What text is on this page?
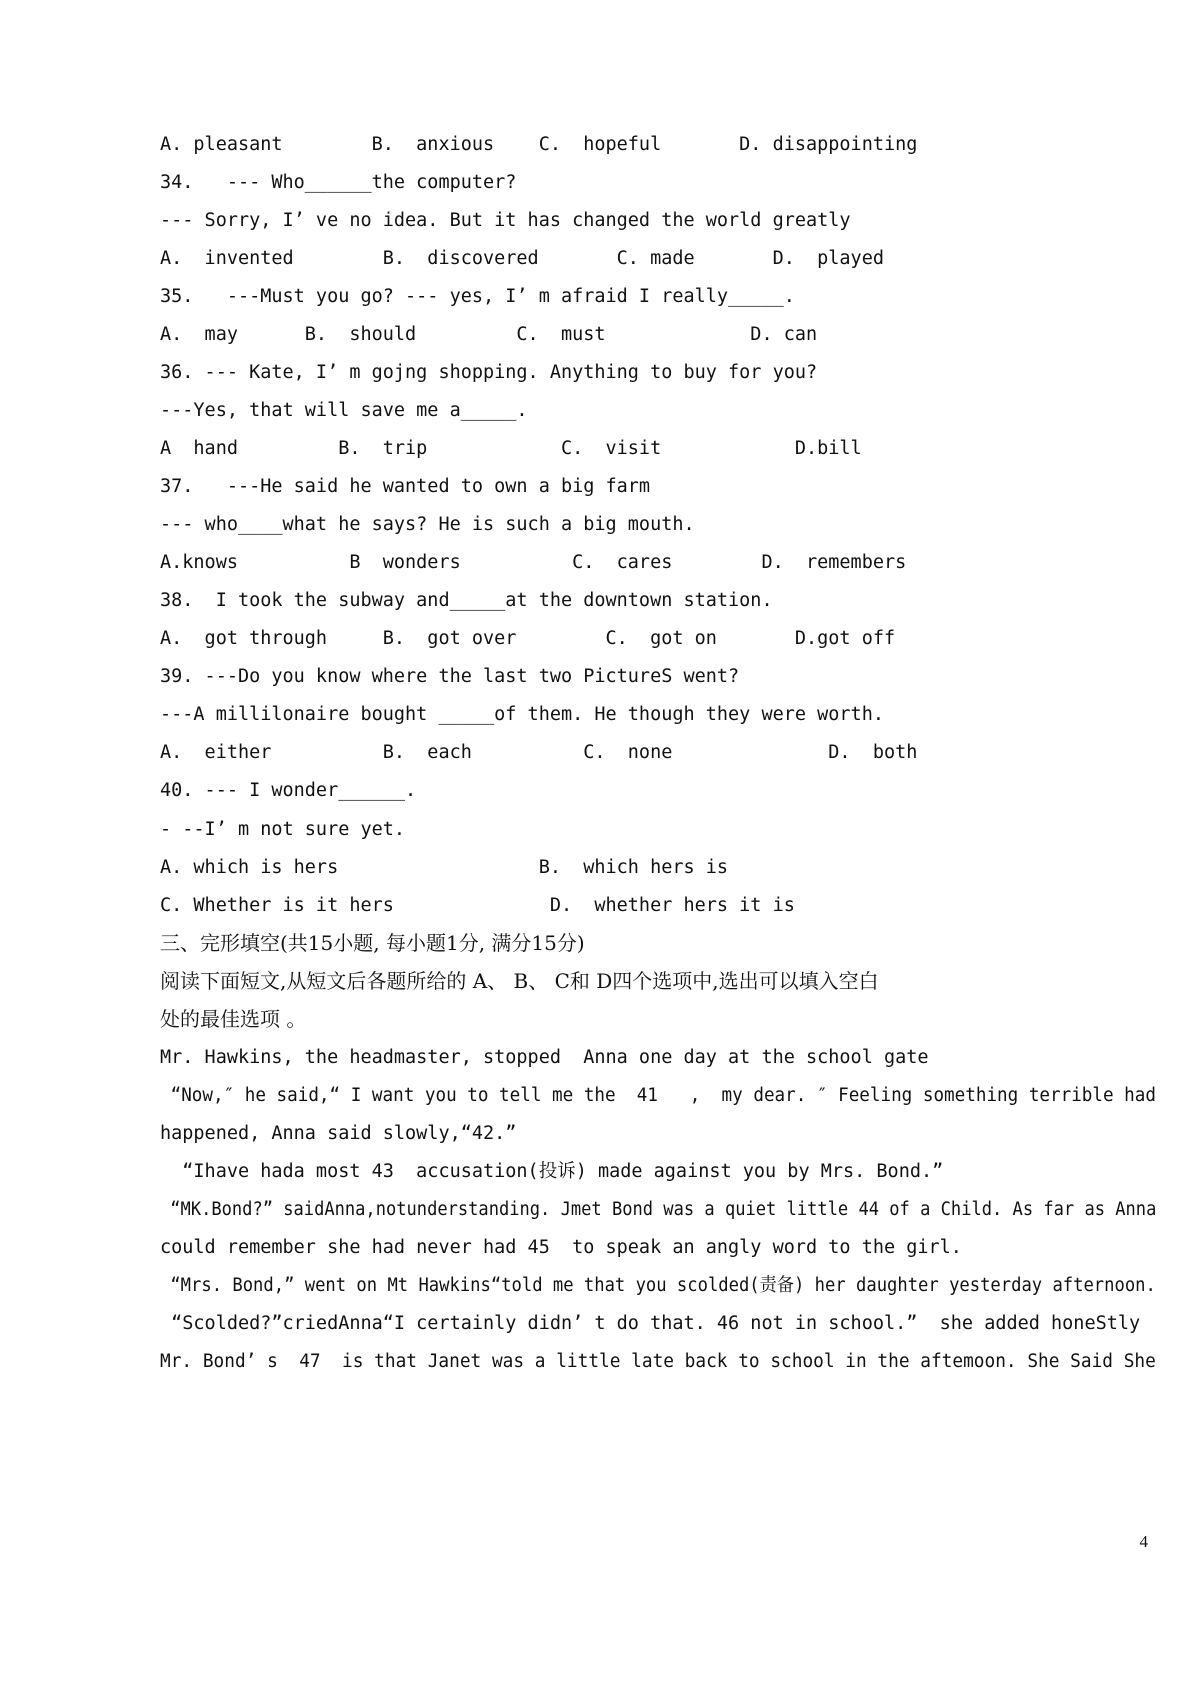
A. pleasant        B.  anxious    C.  hopeful       D. disappointing
34.   --- Who______the computer?
--- Sorry, I’ ve no idea. But it has changed the world greatly
A.  invented        B.  discovered       C. made       D.  played
35.   ---Must you go? --- yes, I’ m afraid I really_____.
A.  may      B.  should         C.  must             D. can
36. --- Kate, I’ m gojng shopping. Anything to buy for you?
---Yes, that will save me a_____.
A  hand         B.  trip            C.  visit            D.bill
37.   ---He said he wanted to own a big farm
--- who____what he says? He is such a big mouth.
A.knows          B  wonders          C.  cares        D.  remembers
38.  I took the subway and_____at the downtown station.
A.  got through     B.  got over        C.  got on       D.got off
39. ---Do you know where the last two PictureS went?
---A millilonaire bought _____of them. He though they were worth.
A.  either          B.  each          C.  none              D.  both
40. --- I wonder______.
- --I’ m not sure yet.
A. which is hers                  B.  which hers is
C. Whether is it hers              D.  whether hers it is
三、完形填空(共15小题, 每小题1分, 满分15分)
阅读下面短文,从短文后各题所给的 A、 B、 C和 D四个选项中,选出可以填入空白
处的最佳选项 。
Mr. Hawkins, the headmaster, stopped  Anna one day at the school gate
“Now,″ he said,“ I want you to tell me the  41   ,  my dear. ″ Feeling something terrible had
happened, Anna said slowly,“42.”
“Ihave hada most 43  accusation(投诉) made against you by Mrs. Bond.”
“MK.Bond?” saidAnna,notunderstanding. Jmet Bond was a quiet little 44 of a Child. As far as Anna
could remember she had never had 45  to speak an angly word to the girl.
“Mrs. Bond,” went on Mt Hawkins“told me that you scolded(责备) her daughter yesterday afternoon.
“Scolded?”criedAnna“I certainly didn’ t do that. 46 not in school.”  she added honeStly
Mr. Bond’ s  47  is that Janet was a little late back to school in the aftemoon. She Said She
4
